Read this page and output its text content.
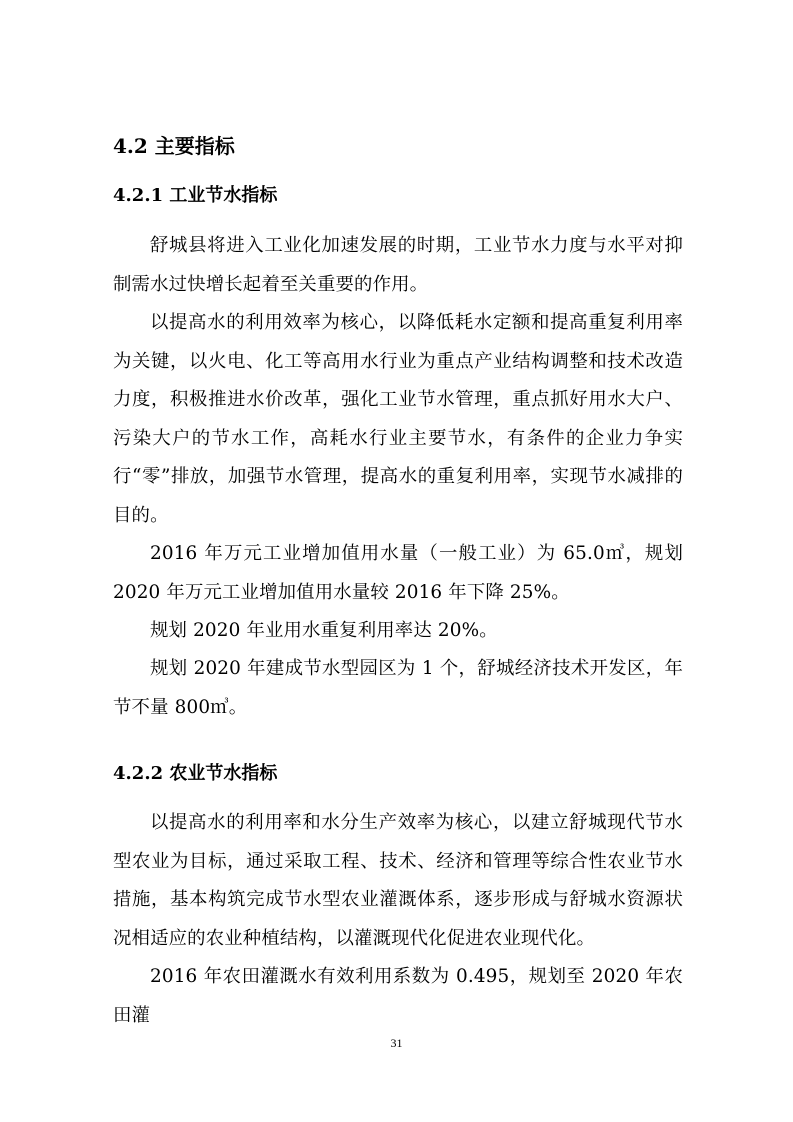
4.2 主要指标
4.2.1 工业节水指标

舒城县将进入工业化加速发展的时期，工业节水力度与水平对抑制需水过快增长起着至关重要的作用。

以提高水的利用效率为核心，以降低耗水定额和提高重复利用率为关键，以火电、化工等高用水行业为重点产业结构调整和技术改造力度，积极推进水价改革，强化工业节水管理，重点抓好用水大户、污染大户的节水工作，高耗水行业主要节水，有条件的企业力争实行“零”排放，加强节水管理，提高水的重复利用率，实现节水减排的目的。

2016 年万元工业增加值用水量（一般工业）为 65.0㎥，规划 2020 年万元工业增加值用水量较 2016 年下降 25%。

规划 2020 年业用水重复利用率达 20%。

规划 2020 年建成节水型园区为 1 个，舒城经济技术开发区，年节不量 800㎥。

4.2.2 农业节水指标

以提高水的利用率和水分生产效率为核心，以建立舒城现代节水型农业为目标，通过采取工程、技术、经济和管理等综合性农业节水措施，基本构筑完成节水型农业灌溉体系，逐步形成与舒城水资源状况相适应的农业种植结构，以灌溉现代化促进农业现代化。

2016 年农田灌溉水有效利用系数为 0.495，规划至 2020 年农田灌

31
